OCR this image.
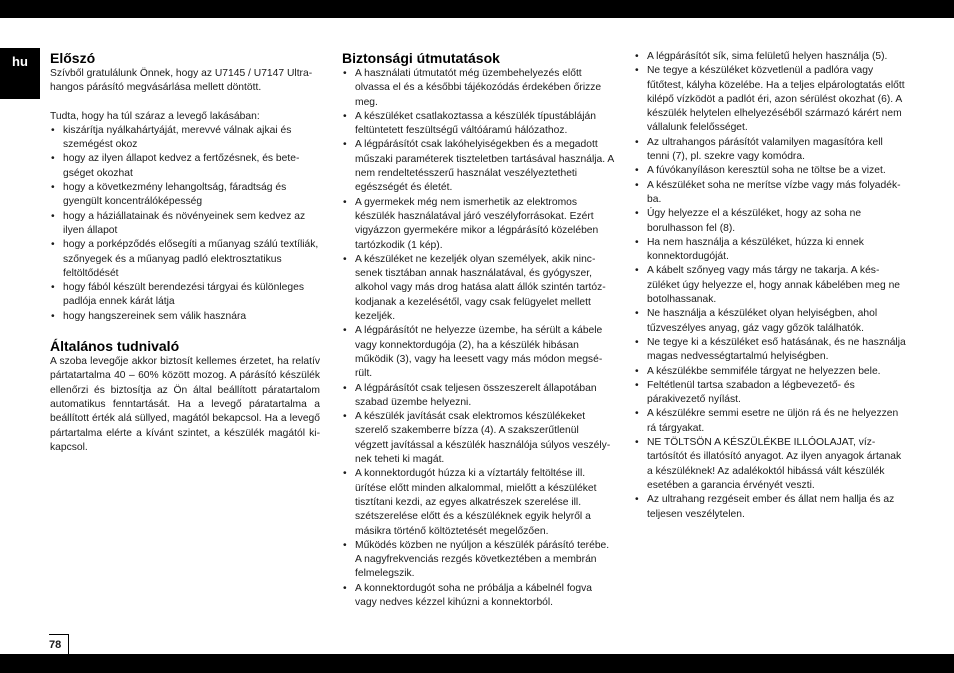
hu	Előszó

Szívből gratulálunk Önnek, hogy az U7145 / U7147 Ultrahangos párásító megvásárlása mellett döntött.

Tudta, hogy ha túl száraz a levegő lakásában:

• kiszárítja nyálkahártyáját, merevvé válnak ajkai és szemégést okoz
• hogy az ilyen állapot kedvez a fertőzésnek, és betegséget okozhat
• hogy a következmény lehangoltság, fáradtság és gyengült koncentrálóképesség
• hogy a háziállatainak és növényeinek sem kedvez az ilyen állapot
• hogy a porképződés elősegíti a műanyag szálú textíliák, szőnyegek és a műanyag padló elektrosztatikus feltöltődését
• hogy fából készült berendezési tárgyai és különleges padlója ennek kárát látja
• hogy hangszereinek sem válik hasznára
Általános tudnivaló

A szoba levegője akkor biztosít kellemes érzetet, ha relatív pártatartalma 40 – 60% között mozog. A párásító készülék ellenőrzi és biztosítja az Ön által beállított páratartalom automatikus fenntartását. Ha a levegő páratartalma a beállított érték alá süllyed, magától bekapcsol. Ha a levegő pártartalma elérte a kívánt szintet, a készülék magától kikapcsol.

Biztonsági útmutatások
• A használati útmutatót még üzembehelyezés előtt olvassa el és a későbbi tájékozódás érdekében őrizze meg.
• A készüléket csatlakoztassa a készülék típustábláján feltüntetett feszültségű váltóáramú hálózathoz.
• A légpárásítót csak lakóhelyiségekben és a megadott műszaki paraméterek tiszteletben tartásával használja. A nem rendeltetésszerű használat veszélyeztetheti egészségét és életét.
• A gyermekek még nem ismerhetik az elektromos készülék használatával járó veszélyforrásokat. Ezért vigyázzon gyermekére mikor a légpárásító közelében tartózkodik (1 kép).
• A készüléket ne kezeljék olyan személyek, akik nincsenek tisztában annak használatával, és gyógyszer, alkohol vagy más drog hatása alatt állók szintén tartózkodjanak a kezelésétől, vagy csak felügyelet mellett kezeljék.
• A légpárásítót ne helyezze üzembe, ha sérült a kábele vagy konnektordugója (2), ha a készülék hibásan működik (3), vagy ha leesett vagy más módon megsérült.
• A légpárásítót csak teljesen összeszerelt állapotában szabad üzembe helyezni.
• A készülék javítását csak elektromos készülékeket szerelő szakemberre bízza (4). A szakszerűtlenül végzett javítással a készülék használója súlyos veszélynek teheti ki magát.
• A konnektordugót húzza ki a víztartály feltöltése ill. ürítése előtt minden alkalommal, mielőtt a készüléket tisztítani kezdi, az egyes alkatrészek szerelése ill. szétszerelése előtt és a készüléknek egyik helyről a másikra történő költöztetését megelőzően.
• Működés közben ne nyúljon a készülék párásító terébe. A nagyfrekvenciás rezgés következtében a membrán felmelegszik.
• A konnektordugót soha ne próbálja a kábelnél fogva vagy nedves kézzel kihúzni a konnektorból.
• A légpárásítót sík, sima felületű helyen használja (5).
• Ne tegye a készüléket közvetlenül a padlóra vagy fűtőtest, kályha közelébe. Ha a teljes elpárologtatás előtt kilépő vízködöt a padlót éri, azon sérülést okozhat (6). A készülék helytelen elhelyezéséből származó kárért nem vállalunk felelősséget.
• Az ultrahangos párásítót valamilyen magasítóra kell tenni (7), pl. szekre vagy komódra.
• A fúvókanyíláson keresztül soha ne töltse be a vizet.
• A készüléket soha ne merítse vízbe vagy más folyadékba.
• Úgy helyezze el a készüléket, hogy az soha ne borulhasson fel (8).
• Ha nem használja a készüléket, húzza ki ennek konnektordugóját.
• A kábelt szőnyeg vagy más tárgy ne takarja. A készüléket úgy helyezze el, hogy annak kábelében meg ne botolhassanak.
• Ne használja a készüléket olyan helyiségben, ahol tűzveszélyes anyag, gáz vagy gőzök találhatók.
• Ne tegye ki a készüléket eső hatásának, és ne használja magas nedvességtartalmú helyiségben.
• A készülékbe semmiféle tárgyat ne helyezzen bele.
• Feltétlenül tartsa szabadon a légbevezető- és párakivezető nyílást.
• A készülékre semmi esetre ne üljön rá és ne helyezzen rá tárgyakat.
• NE TÖLTSÖN A KÉSZÜLÉKBE ILLÓOLAJAT, víz-tartósítót és illatósító anyagot. Az ilyen anyagok ártanak a készüléknek! Az adalékoktól hibássá vált készülék esetében a garancia érvényét veszti.
• Az ultrahang rezgéseit ember és állat nem hallja és az teljesen veszélytelen.
78
